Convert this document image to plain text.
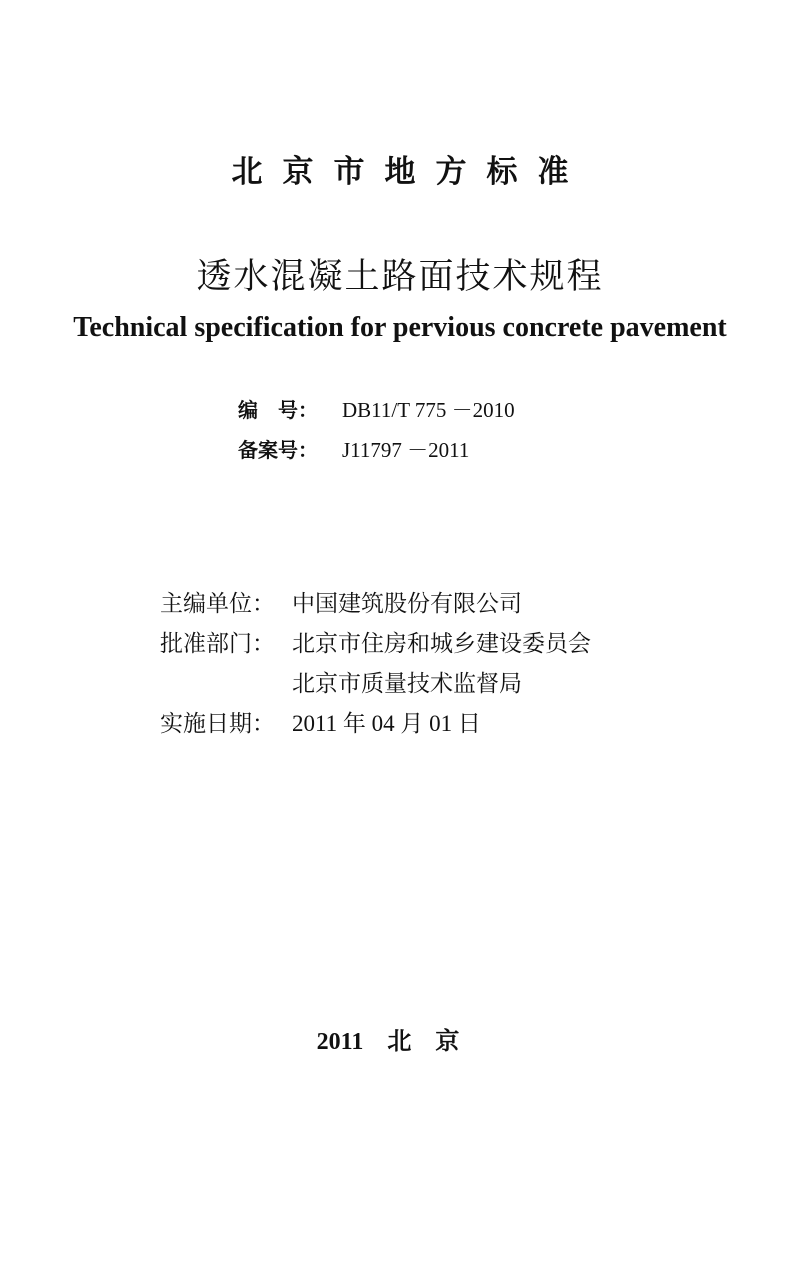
北京市地方标准
透水混凝土路面技术规程
Technical specification for pervious concrete pavement
编　号： DB11/T 775 －2010
备案号： J11797 －2011
主编单位： 中国建筑股份有限公司
批准部门： 北京市住房和城乡建设委员会
北京市质量技术监督局
实施日期： 2011 年 04 月 01 日
2011 北京
